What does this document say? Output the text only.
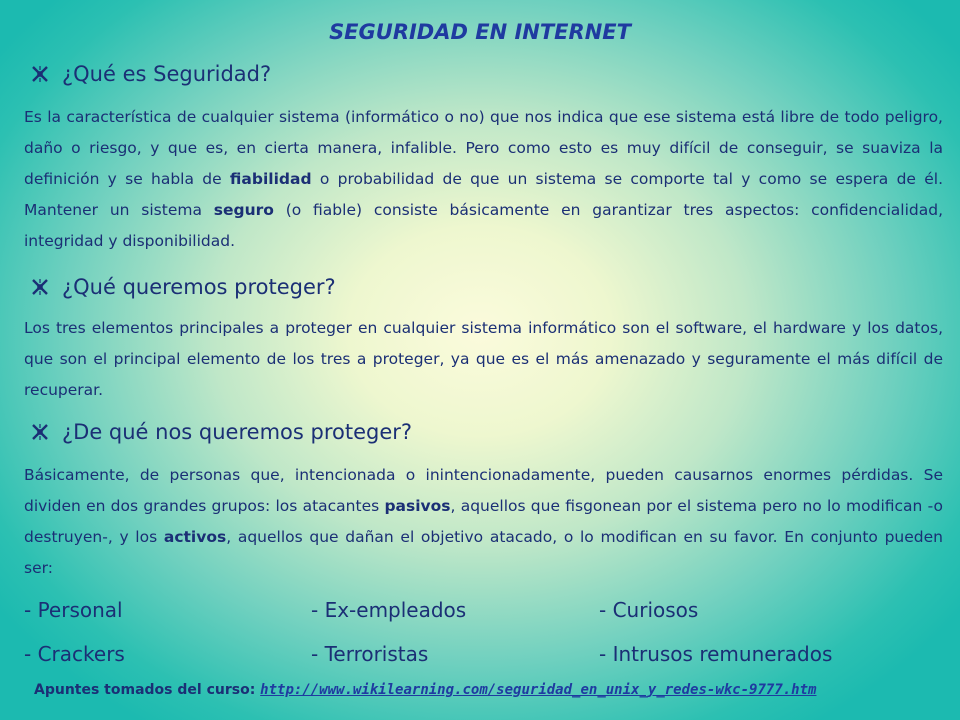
SEGURIDAD EN INTERNET
¿Qué es Seguridad?

Es la característica de cualquier sistema (informático o no) que nos indica que ese sistema está libre de todo peligro, daño o riesgo, y que es, en cierta manera, infalible. Pero como esto es muy difícil de conseguir, se suaviza la definición y se habla de fiabilidad o probabilidad de que un sistema se comporte tal y como se espera de él. Mantener un sistema seguro (o fiable) consiste básicamente en garantizar tres aspectos: confidencialidad, integridad y disponibilidad.

¿Qué queremos proteger?

Los tres elementos principales a proteger en cualquier sistema informático son el software, el hardware y los datos, que son el principal elemento de los tres a proteger, ya que es el más amenazado y seguramente el más difícil de recuperar.

¿De qué nos queremos proteger?

Básicamente, de personas que, intencionada o inintencionadamente, pueden causarnos enormes pérdidas. Se dividen en dos grandes grupos: los atacantes pasivos, aquellos que fisgonean por el sistema pero no lo modifican -o destruyen-, y los activos, aquellos que dañan el objetivo atacado, o lo modifican en su favor. En conjunto pueden ser:

- Personal	- Ex-empleados	- Curiosos
- Crackers	- Terroristas	- Intrusos remunerados
Apuntes tomados del curso: http://www.wikilearning.com/seguridad_en_unix_y_redes-wkc-9777.htm
